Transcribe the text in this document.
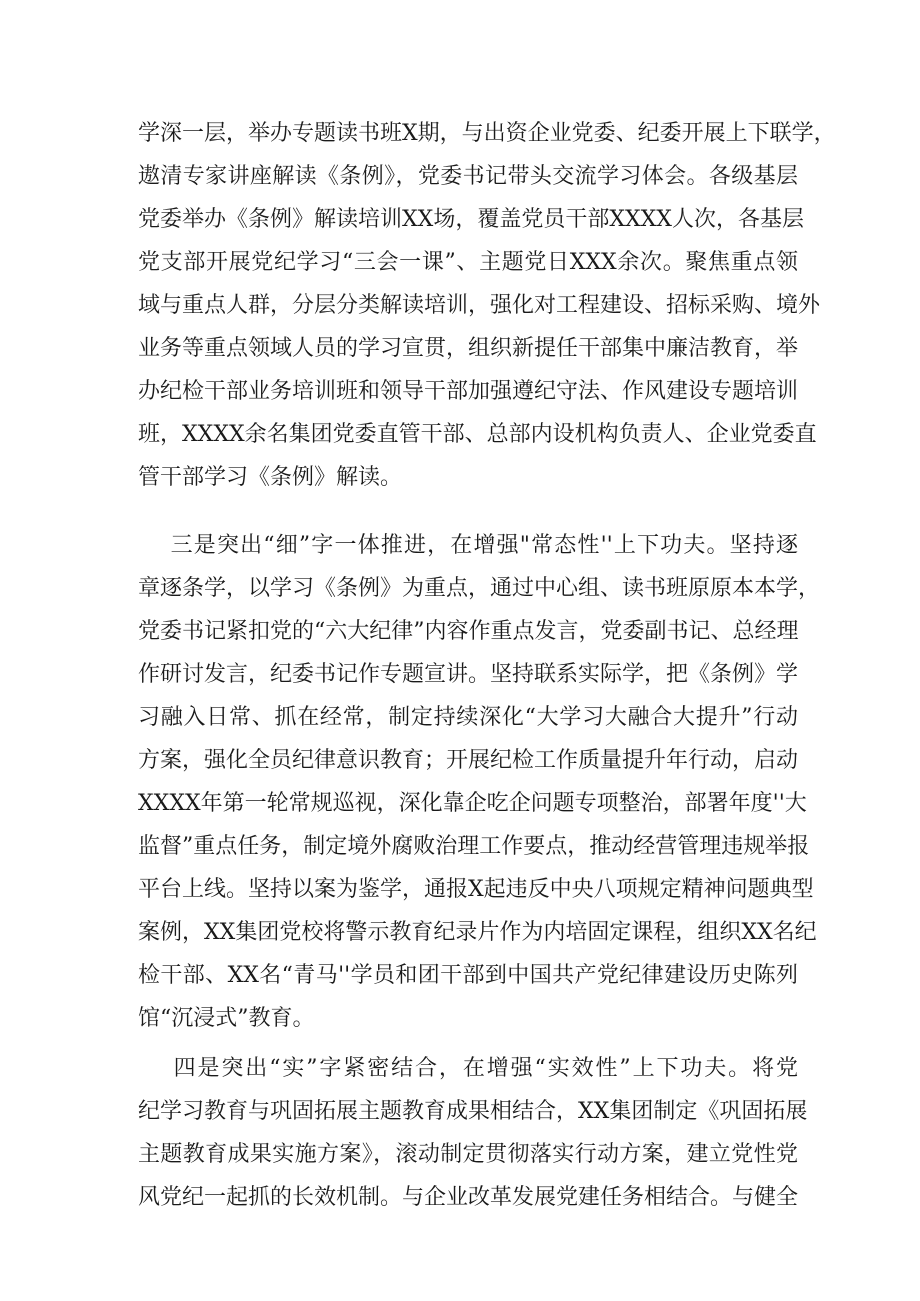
学深一层，举办专题读书班X期，与出资企业党委、纪委开展上下联学，
遨清专家讲座解读《条例》，党委书记带头交流学习体会。各级基层
党委举办《条例》解读培训XX场，覆盖党员干部XXXX人次，各基层
党支部开展党纪学习“三会一课”、主题党日XXX余次。聚焦重点领
域与重点人群，分层分类解读培训，强化对工程建设、招标采购、境外
业务等重点领域人员的学习宣贯，组织新提任干部集中廉洁教育，举
办纪检干部业务培训班和领导干部加强遵纪守法、作风建设专题培训
班，XXXX余名集团党委直管干部、总部内设机构负责人、企业党委直
管干部学习《条例》解读。
三是突出“细”字一体推进，在增强"常态性''上下功夫。坚持逐
章逐条学，以学习《条例》为重点，通过中心组、读书班原原本本学，
党委书记紧扣党的“六大纪律”内容作重点发言，党委副书记、总经理
作研讨发言，纪委书记作专题宣讲。坚持联系实际学，把《条例》学
习融入日常、抓在经常，制定持续深化“大学习大融合大提升”行动
方案，强化全员纪律意识教育；开展纪检工作质量提升年行动，启动
XXXX年第一轮常规巡视，深化靠企吃企问题专项整治，部署年度''大
监督”重点任务，制定境外腐败治理工作要点，推动经营管理违规举报
平台上线。坚持以案为鉴学，通报X起违反中央八项规定精神问题典型
案例，XX集团党校将警示教育纪录片作为内培固定课程，组织XX名纪
检干部、XX名“青马''学员和团干部到中国共产党纪律建设历史陈列
馆“沉浸式”教育。
四是突出“实”字紧密结合，在增强“实效性”上下功夫。将党
纪学习教育与巩固拓展主题教育成果相结合，XX集团制定《巩固拓展
主题教育成果实施方案》，滚动制定贯彻落实行动方案，建立党性党
风党纪一起抓的长效机制。与企业改革发展党建任务相结合。与健全
